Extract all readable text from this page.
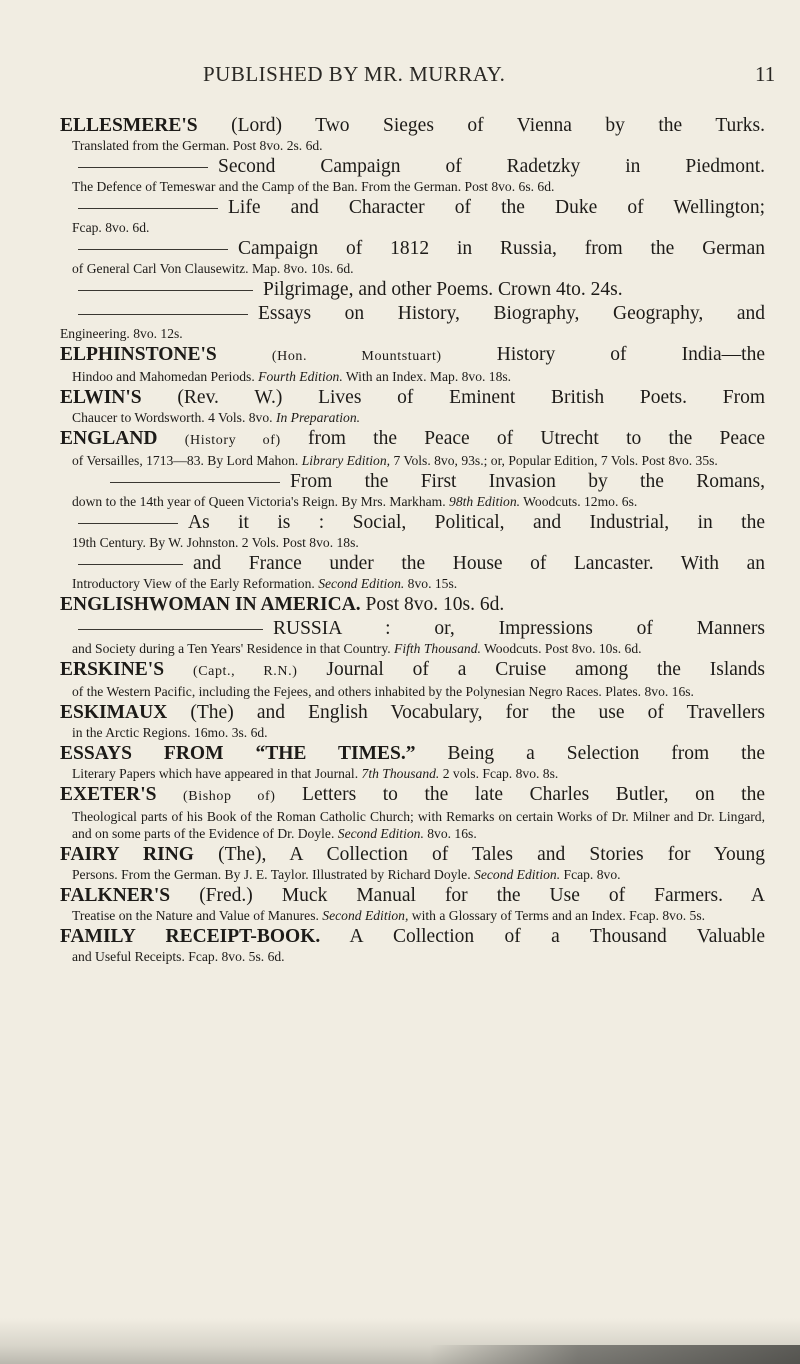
PUBLISHED BY MR. MURRAY.	11
ELLESMERE'S (Lord) Two Sieges of Vienna by the Turks.
Translated from the German. Post 8vo. 2s. 6d.
Second Campaign of Radetzky in Piedmont.
The Defence of Temeswar and the Camp of the Ban. From the German. Post 8vo. 6s. 6d.
Life and Character of the Duke of Wellington;
Fcap. 8vo. 6d.
Campaign of 1812 in Russia, from the German
of General Carl Von Clausewitz. Map. 8vo. 10s. 6d.
Pilgrimage, and other Poems. Crown 4to. 24s.
Essays on History, Biography, Geography, and
Engineering. 8vo. 12s.
ELPHINSTONE'S	(Hon. Mountstuart) History of India—the
Hindoo and Mahomedan Periods. Fourth Edition. With an Index. Map. 8vo. 18s.
ELWIN'S (Rev. W.) Lives of Eminent British Poets. From
Chaucer to Wordsworth. 4 Vols. 8vo. In Preparation.
ENGLAND (History of) from the Peace of Utrecht to the Peace
of Versailles, 1713—83. By Lord Mahon. Library Edition, 7 Vols. 8vo, 93s.; or, Popular Edition, 7 Vols. Post 8vo. 35s.
From the First Invasion by the Romans,
down to the 14th year of Queen Victoria's Reign. By Mrs. Markham. 98th Edition. Woodcuts. 12mo. 6s.
As it is : Social, Political, and Industrial, in the
19th Century. By W. Johnston. 2 Vols. Post 8vo. 18s.
and France under the House of Lancaster. With an
Introductory View of the Early Reformation. Second Edition. 8vo. 15s.
ENGLISHWOMAN IN AMERICA. Post 8vo. 10s. 6d.
RUSSIA : or, Impressions of Manners
and Society during a Ten Years' Residence in that Country. Fifth Thousand. Woodcuts. Post 8vo. 10s. 6d.
ERSKINE'S (Capt., R.N.) Journal of a Cruise among the Islands
of the Western Pacific, including the Fejees, and others inhabited by the Polynesian Negro Races. Plates. 8vo. 16s.
ESKIMAUX (The) and English Vocabulary, for the use of Travellers
in the Arctic Regions. 16mo. 3s. 6d.
ESSAYS FROM “THE TIMES.” Being a Selection from the
Literary Papers which have appeared in that Journal. 7th Thousand. 2 vols. Fcap. 8vo. 8s.
EXETER'S (Bishop of) Letters to the late Charles Butler, on the
Theological parts of his Book of the Roman Catholic Church; with Remarks on certain Works of Dr. Milner and Dr. Lingard, and on some parts of the Evidence of Dr. Doyle. Second Edition. 8vo. 16s.
FAIRY RING (The), A Collection of Tales and Stories for Young
Persons. From the German. By J. E. Taylor. Illustrated by Richard Doyle. Second Edition. Fcap. 8vo.
FALKNER'S (Fred.) Muck Manual for the Use of Farmers. A
Treatise on the Nature and Value of Manures. Second Edition, with a Glossary of Terms and an Index. Fcap. 8vo. 5s.
FAMILY RECEIPT-BOOK. A Collection of a Thousand Valuable
and Useful Receipts. Fcap. 8vo. 5s. 6d.
